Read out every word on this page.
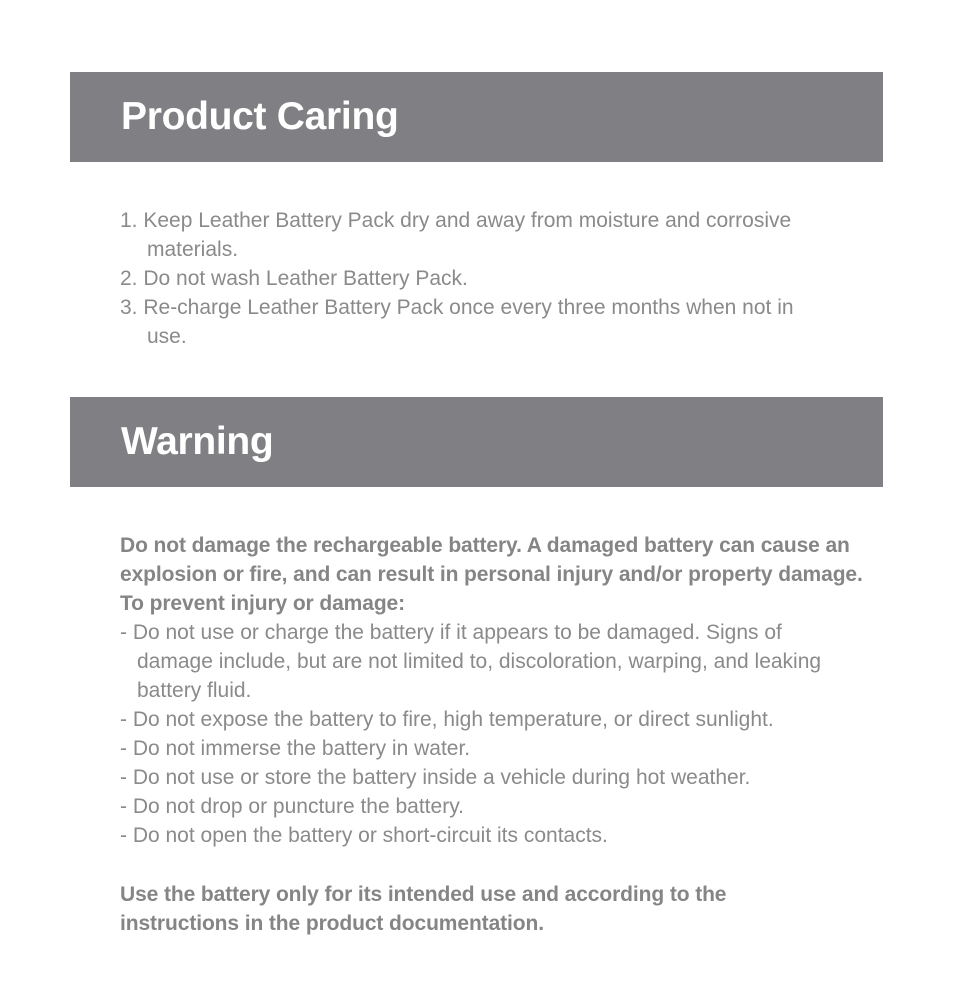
Product Caring
1. Keep Leather Battery Pack dry and away from moisture and corrosive materials.
2. Do not wash Leather Battery Pack.
3. Re-charge Leather Battery Pack once every three months when not in use.
Warning

Do not damage the rechargeable battery. A damaged battery can cause an explosion or fire, and can result in personal injury and/or property damage. To prevent injury or damage:

- Do not use or charge the battery if it appears to be damaged. Signs of damage include, but are not limited to, discoloration, warping, and leaking battery fluid.
- Do not expose the battery to fire, high temperature, or direct sunlight.
- Do not immerse the battery in water.
- Do not use or store the battery inside a vehicle during hot weather.
- Do not drop or puncture the battery.
- Do not open the battery or short-circuit its contacts.

Use the battery only for its intended use and according to the instructions in the product documentation.
